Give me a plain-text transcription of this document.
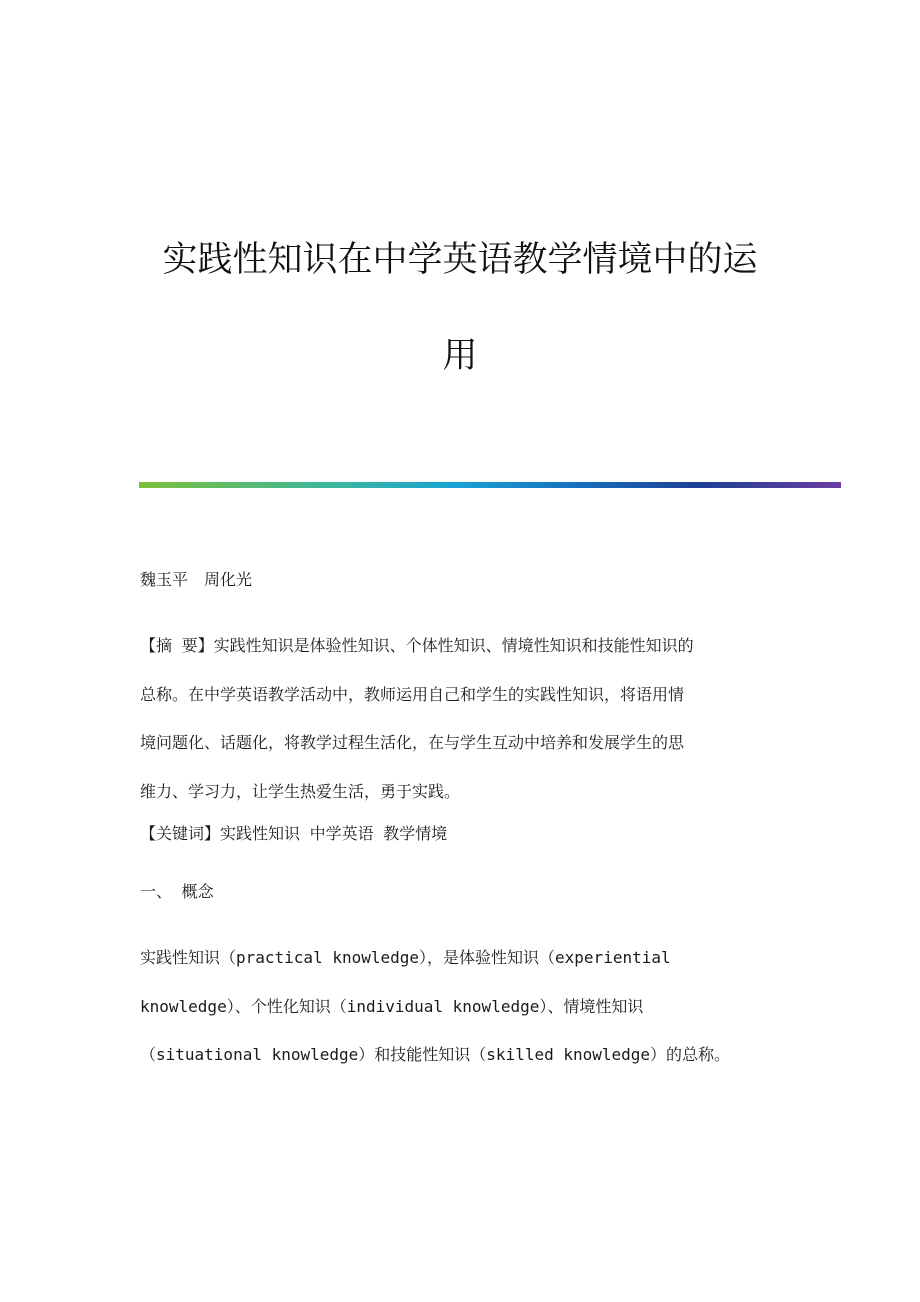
实践性知识在中学英语教学情境中的运
用
魏玉平　周化光
【摘 要】实践性知识是体验性知识、个体性知识、情境性知识和技能性知识的
总称。在中学英语教学活动中，教师运用自己和学生的实践性知识，将语用情
境问题化、话题化，将教学过程生活化，在与学生互动中培养和发展学生的思
维力、学习力，让学生热爱生活，勇于实践。
【关键词】实践性知识 中学英语 教学情境
一、 概念
实践性知识（practical knowledge），是体验性知识（experiential
knowledge）、个性化知识（individual knowledge）、情境性知识
（situational knowledge）和技能性知识（skilled knowledge）的总称。
